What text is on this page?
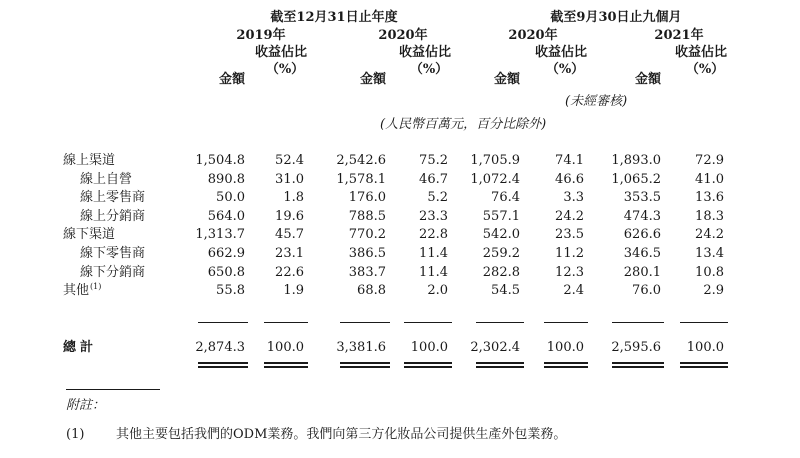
截至12月31日止年度	截至9月30日止九個月
2019年	2020年	2020年	2021年
收益佔比
（%）
金額
收益佔比
（%）
金額
收益佔比
（%）
金額
收益佔比
（%）
金額
(未經審核)
(人民幣百萬元，百分比除外)
線上渠道	1,504.8	52.4	2,542.6	75.2	1,705.9	74.1	1,893.0	72.9
線上自營	890.8	31.0	1,578.1	46.7	1,072.4	46.6	1,065.2	41.0
線上零售商	50.0	1.8	176.0	5.2	76.4	3.3	353.5	13.6
線上分銷商	564.0	19.6	788.5	23.3	557.1	24.2	474.3	18.3
線下渠道	1,313.7	45.7	770.2	22.8	542.0	23.5	626.6	24.2
線下零售商	662.9	23.1	386.5	11.4	259.2	11.2	346.5	13.4
線下分銷商	650.8	22.6	383.7	11.4	282.8	12.3	280.1	10.8
其他 $^{(1)}$	55.8	1.9	68.8	2.0	54.5	2.4	76.0	2.9
總計	2,874.3	100.0	3,381.6	100.0	2,302.4	100.0	2,595.6	100.0
附註：
(1) 其他主要包括我們的ODM業務。我們向第三方化妝品公司提供生產外包業務。
